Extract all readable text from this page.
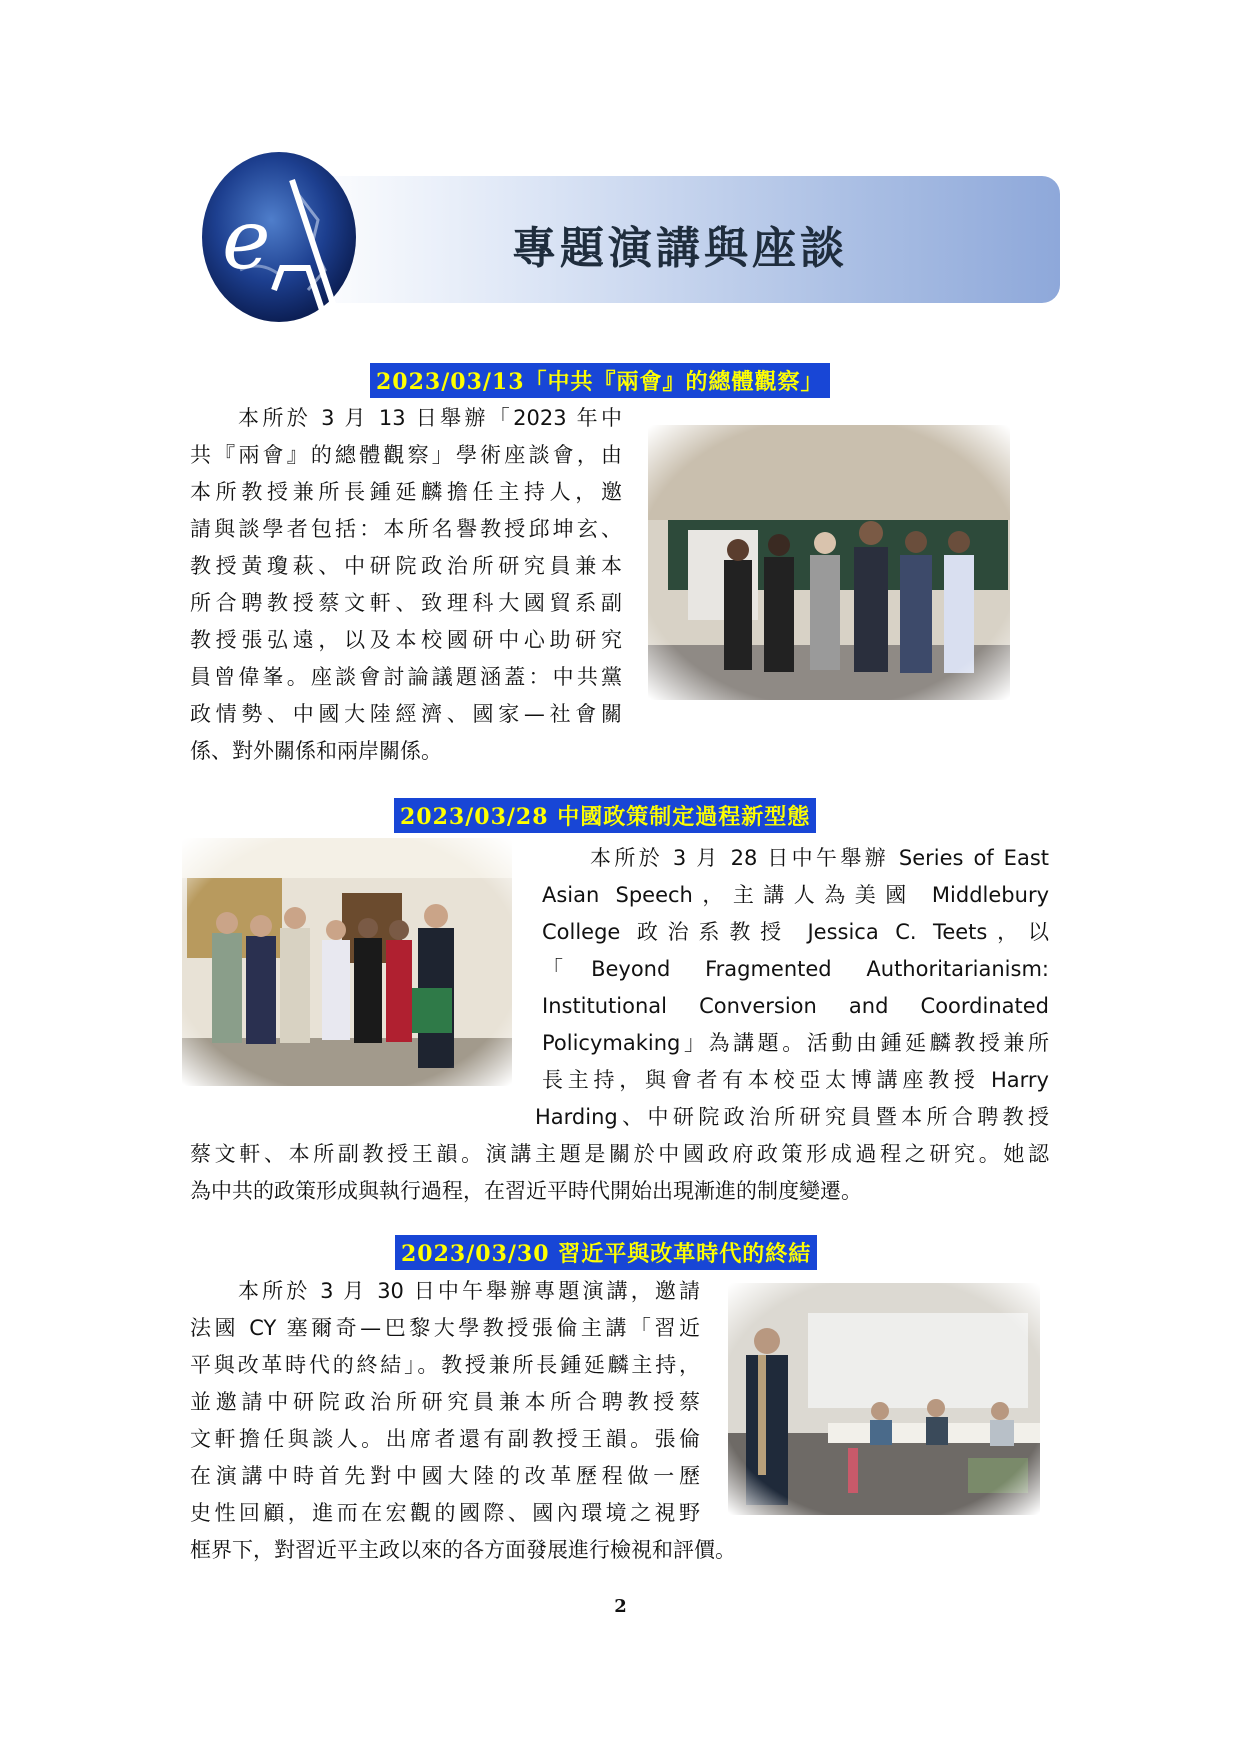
專題演講與座談
e
2023/03/13「中共『兩會』的總體觀察」
本所於 3 月 13 日舉辦「2023 年中
共『兩會』的總體觀察」學術座談會，由
本所教授兼所長鍾延麟擔任主持人，邀
請與談學者包括：本所名譽教授邱坤玄、
教授黃瓊萩、中研院政治所研究員兼本
所合聘教授蔡文軒、致理科大國貿系副
教授張弘遠，以及本校國研中心助研究
員曾偉峯。座談會討論議題涵蓋：中共黨
政情勢、中國大陸經濟、國家—社會關
係、對外關係和兩岸關係。
2023/03/28 中國政策制定過程新型態
本所於 3 月 28 日中午舉辦 Series of East
Asian Speech，主講人為美國 Middlebury
College 政治系教授 Jessica C. Teets，以
「Beyond Fragmented Authoritarianism:
Institutional Conversion and Coordinated
Policymaking」為講題。活動由鍾延麟教授兼所
長主持，與會者有本校亞太博講座教授 Harry
Harding、中研院政治所研究員暨本所合聘教授
蔡文軒、本所副教授王韻。演講主題是關於中國政府政策形成過程之研究。她認
為中共的政策形成與執行過程，在習近平時代開始出現漸進的制度變遷。
2023/03/30 習近平與改革時代的終結
本所於 3 月 30 日中午舉辦專題演講，邀請
法國 CY 塞爾奇—巴黎大學教授張倫主講「習近
平與改革時代的終結」。教授兼所長鍾延麟主持，
並邀請中研院政治所研究員兼本所合聘教授蔡
文軒擔任與談人。出席者還有副教授王韻。張倫
在演講中時首先對中國大陸的改革歷程做一歷
史性回顧，進而在宏觀的國際、國內環境之視野
框界下，對習近平主政以來的各方面發展進行檢視和評價。
2
